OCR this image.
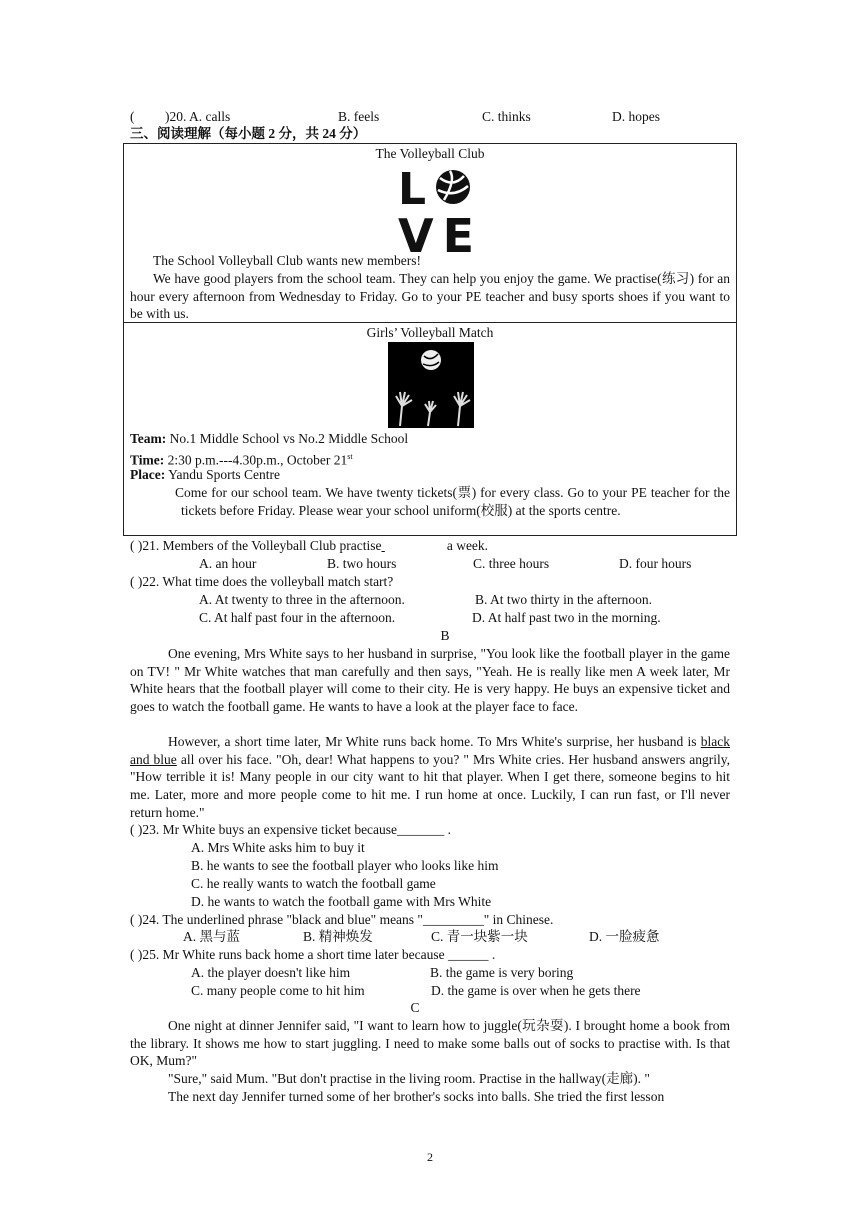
( )20. A. calls	B. feels	C. thinks	D. hopes
三、阅读理解（每小题 2 分，共 24 分）
The Volleyball Club
L
VE
The School Volleyball Club wants new members!
We have good players from the school team. They can help you enjoy the game. We practise(练习) for an hour every afternoon from Wednesday to Friday. Go to your PE teacher and busy sports shoes if you want to be with us.
Girls’ Volleyball Match
Team: No.1 Middle School vs No.2 Middle School
Time: 2:30 p.m.---4.30p.m., October 21st
Place: Yandu Sports Centre
Come for our school team. We have twenty tickets(票) for every class. Go to your PE teacher for the tickets before Friday. Please wear your school uniform(校服) at the sports centre.
( )21. Members of the Volleyball Club practise	a week.
A. an hour	B. two hours	C. three hours	D. four hours
( )22. What time does the volleyball match start?
A. At twenty to three in the afternoon.	B. At two thirty in the afternoon.
C. At half past four in the afternoon.	D. At half past two in the morning.
B
One evening, Mrs White says to her husband in surprise, "You look like the football player in the game on TV! " Mr White watches that man carefully and then says, "Yeah. He is really like men A week later, Mr White hears that the football player will come to their city. He is very happy. He buys an expensive ticket and goes to watch the football game. He wants to have a look at the player face to face.
However, a short time later, Mr White runs back home. To Mrs White's surprise, her husband is black and blue all over his face. "Oh, dear! What happens to you? " Mrs White cries. Her husband answers angrily, "How terrible it is! Many people in our city want to hit that player. When I get there, someone begins to hit me. Later, more and more people come to hit me. I run home at once. Luckily, I can run fast, or I'll never return home."
( )23. Mr White buys an expensive ticket because_______ .
A. Mrs White asks him to buy it
B. he wants to see the football player who looks like him
C. he really wants to watch the football game
D. he wants to watch the football game with Mrs White
( )24. The underlined phrase "black and blue" means "_________" in Chinese.
A. 黑与蓝	B. 精神焕发	C. 青一块紫一块	D. 一脸疲惫
( )25. Mr White runs back home a short time later because ______ .
A. the player doesn't like him	B. the game is very boring
C. many people come to hit him	D. the game is over when he gets there
C
One night at dinner Jennifer said, "I want to learn how to juggle(玩杂耍). I brought home a book from the library. It shows me how to start juggling. I need to make some balls out of socks to practise with. Is that OK, Mum?"
"Sure," said Mum. "But don't practise in the living room. Practise in the hallway(走廊). "
The next day Jennifer turned some of her brother's socks into balls. She tried the first lesson
2
